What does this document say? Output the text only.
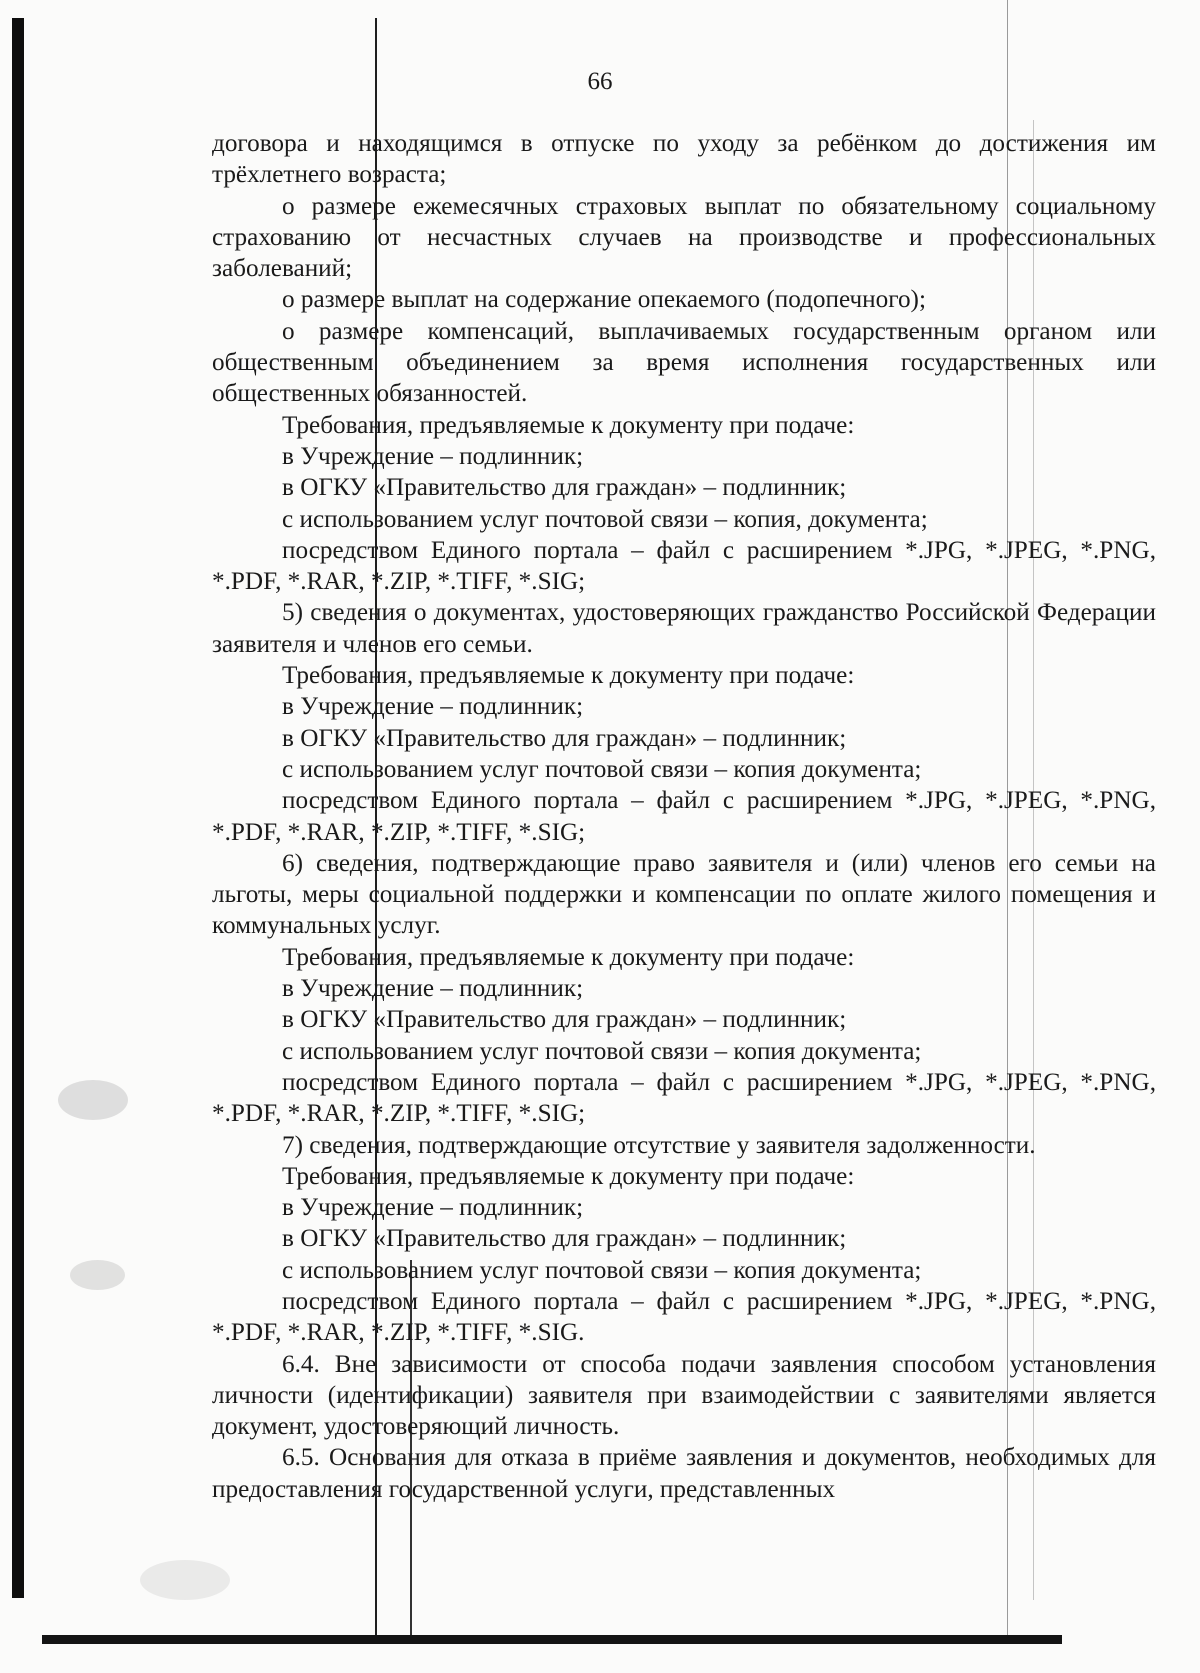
66

договора и находящимся в отпуске по уходу за ребёнком до достижения им трёхлетнего возраста;

о размере ежемесячных страховых выплат по обязательному социальному страхованию от несчастных случаев на производстве и профессиональных заболеваний;

о размере выплат на содержание опекаемого (подопечного);

о размере компенсаций, выплачиваемых государственным органом или общественным объединением за время исполнения государственных или общественных обязанностей.

Требования, предъявляемые к документу при подаче:

в Учреждение – подлинник;

в ОГКУ «Правительство для граждан» – подлинник;

с использованием услуг почтовой связи – копия, документа;

посредством Единого портала – файл с расширением *.JPG, *.JPEG, *.PNG, *.PDF, *.RAR, *.ZIP, *.TIFF, *.SIG;

5) сведения о документах, удостоверяющих гражданство Российской Федерации заявителя и членов его семьи.

Требования, предъявляемые к документу при подаче:

в Учреждение – подлинник;

в ОГКУ «Правительство для граждан» – подлинник;

с использованием услуг почтовой связи – копия документа;

посредством Единого портала – файл с расширением *.JPG, *.JPEG, *.PNG, *.PDF, *.RAR, *.ZIP, *.TIFF, *.SIG;

6) сведения, подтверждающие право заявителя и (или) членов его семьи на льготы, меры социальной поддержки и компенсации по оплате жилого помещения и коммунальных услуг.

Требования, предъявляемые к документу при подаче:

в Учреждение – подлинник;

в ОГКУ «Правительство для граждан» – подлинник;

с использованием услуг почтовой связи – копия документа;

посредством Единого портала – файл с расширением *.JPG, *.JPEG, *.PNG, *.PDF, *.RAR, *.ZIP, *.TIFF, *.SIG;

7) сведения, подтверждающие отсутствие у заявителя задолженности.

Требования, предъявляемые к документу при подаче:

в Учреждение – подлинник;

в ОГКУ «Правительство для граждан» – подлинник;

с использованием услуг почтовой связи – копия документа;

посредством Единого портала – файл с расширением *.JPG, *.JPEG, *.PNG, *.PDF, *.RAR, *.ZIP, *.TIFF, *.SIG.

6.4. Вне зависимости от способа подачи заявления способом установления личности (идентификации) заявителя при взаимодействии с заявителями является документ, удостоверяющий личность.

6.5. Основания для отказа в приёме заявления и документов, необходимых для предоставления государственной услуги, представленных
